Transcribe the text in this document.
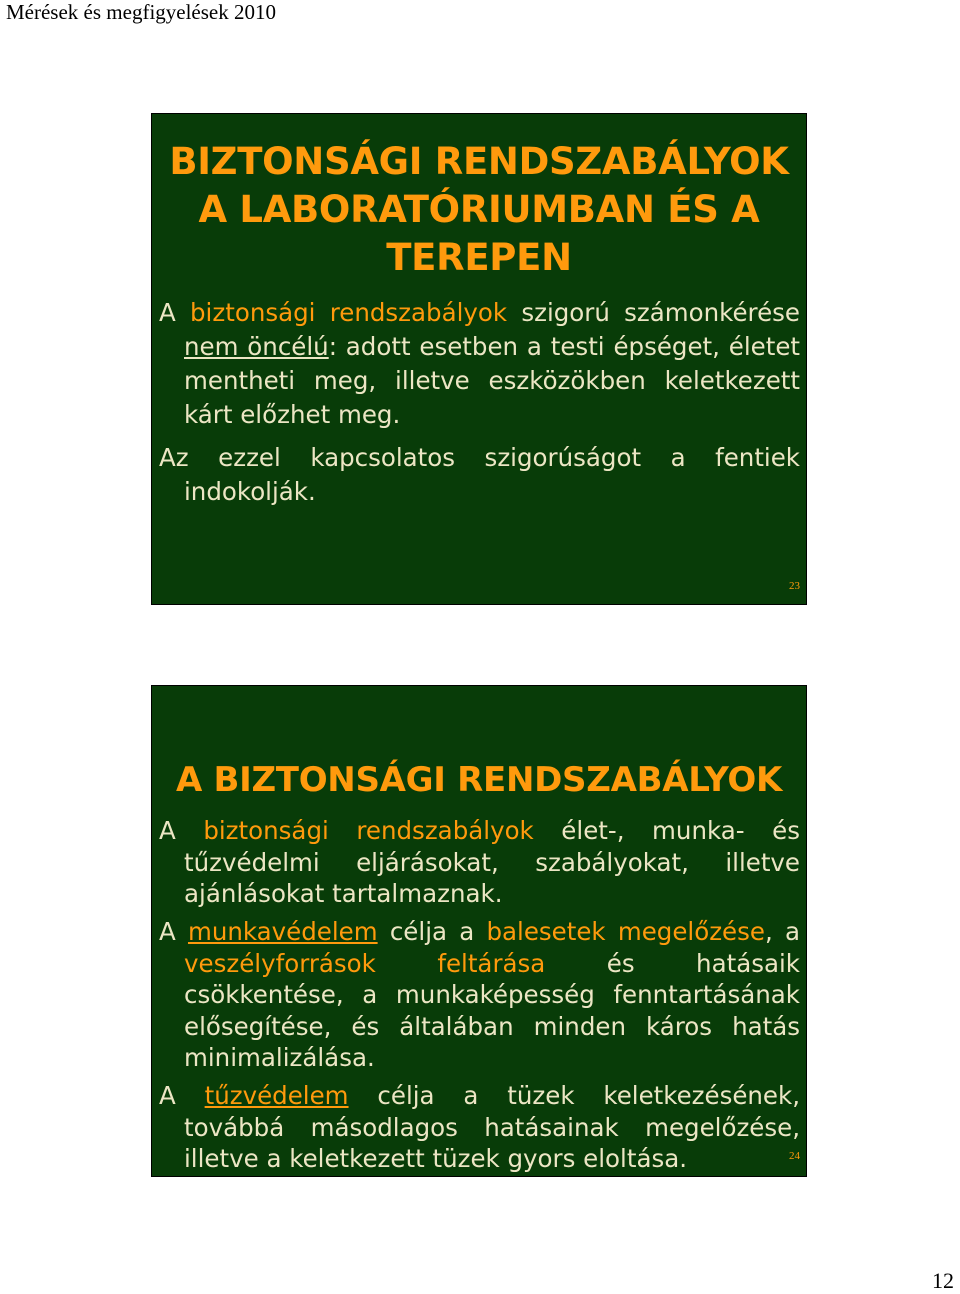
Mérések és megfigyelések 2010
BIZTONSÁGI RENDSZABÁLYOK
A LABORATÓRIUMBAN ÉS A
TEREPEN
A biztonsági rendszabályok szigorú számonkérése nem öncélú: adott esetben a testi épséget, életet mentheti meg, illetve eszközökben keletkezett kárt előzhet meg.
Az ezzel kapcsolatos szigorúságot a fentiek indokolják.
23
A BIZTONSÁGI RENDSZABÁLYOK
A biztonsági rendszabályok élet-, munka- és tűzvédelmi eljárásokat, szabályokat, illetve ajánlásokat tartalmaznak.
A munkavédelem célja a balesetek megelőzése, a veszélyforrások feltárása és hatásaik csökkentése, a munkaképesség fenntartásának elősegítése, és általában minden káros hatás minimalizálása.
A tűzvédelem célja a tüzek keletkezésének, továbbá másodlagos hatásainak megelőzése, illetve a keletkezett tüzek gyors eloltása.	24
12
